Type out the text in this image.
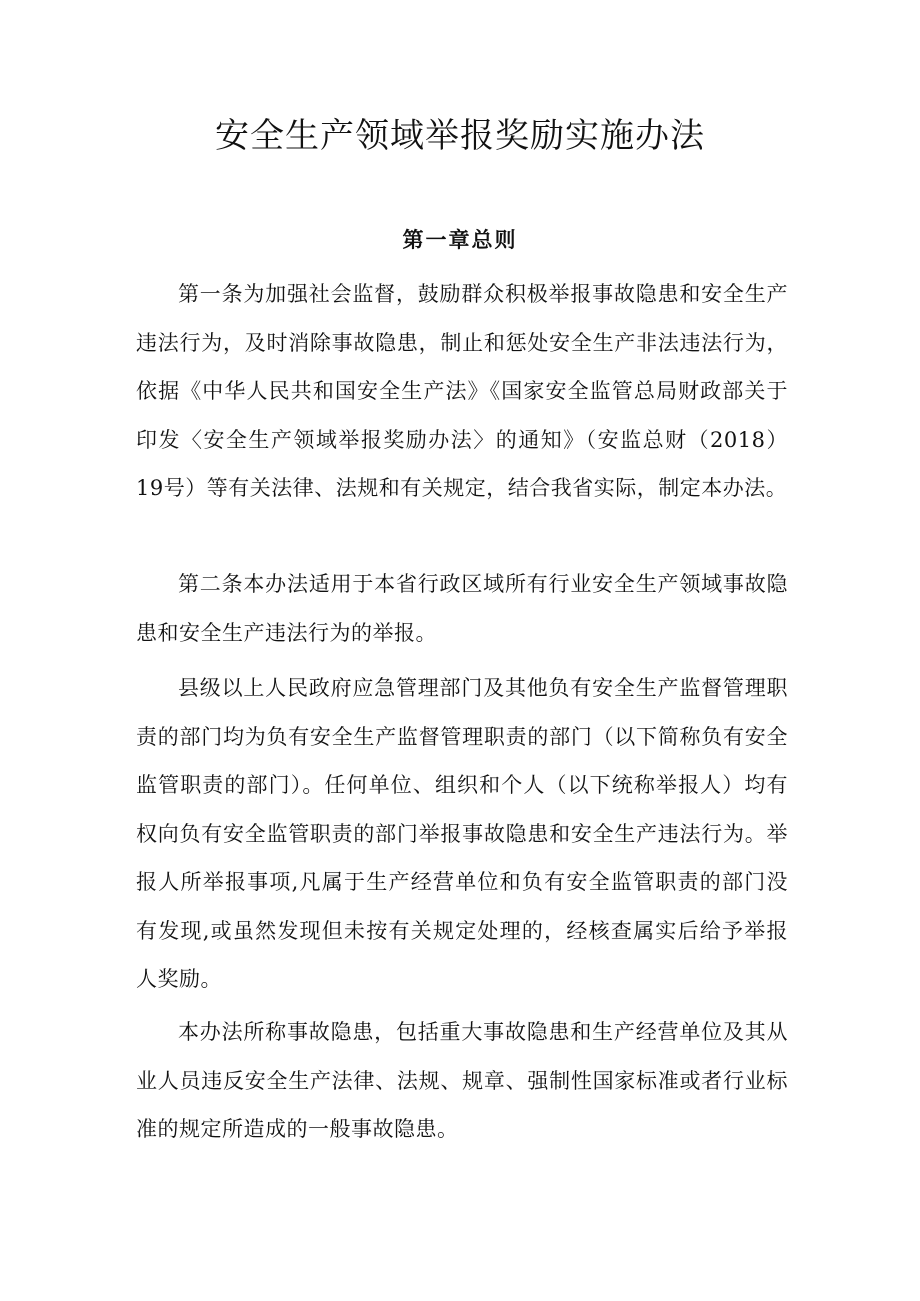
安全生产领域举报奖励实施办法
第一章总则

第一条为加强社会监督，鼓励群众积极举报事故隐患和安全生产违法行为，及时消除事故隐患，制止和惩处安全生产非法违法行为，依据《中华人民共和国安全生产法》《国家安全监管总局财政部关于印发〈安全生产领域举报奖励办法〉的通知》（安监总财（2018）19号）等有关法律、法规和有关规定，结合我省实际，制定本办法。

第二条本办法适用于本省行政区域所有行业安全生产领域事故隐患和安全生产违法行为的举报。

县级以上人民政府应急管理部门及其他负有安全生产监督管理职责的部门均为负有安全生产监督管理职责的部门（以下简称负有安全监管职责的部门）。任何单位、组织和个人（以下统称举报人）均有权向负有安全监管职责的部门举报事故隐患和安全生产违法行为。举报人所举报事项,凡属于生产经营单位和负有安全监管职责的部门没有发现,或虽然发现但未按有关规定处理的，经核查属实后给予举报人奖励。

本办法所称事故隐患，包括重大事故隐患和生产经营单位及其从业人员违反安全生产法律、法规、规章、强制性国家标准或者行业标准的规定所造成的一般事故隐患。
